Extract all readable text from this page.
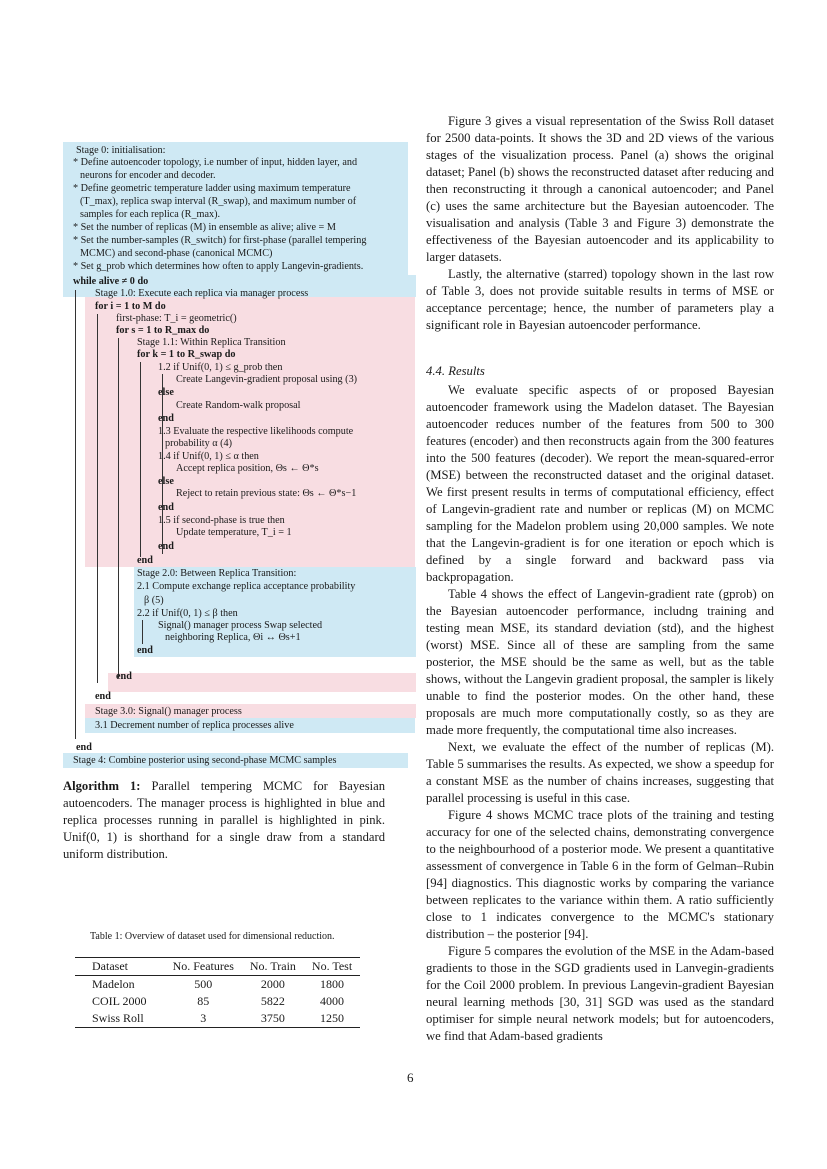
Stage 0: initialisation:
* Define autoencoder topology, i.e number of input, hidden layer, and
neurons for encoder and decoder.
* Define geometric temperature ladder using maximum temperature
(T_max), replica swap interval (R_swap), and maximum number of
samples for each replica (R_max).
* Set the number of replicas (M) in ensemble as alive; alive = M
* Set the number-samples (R_switch) for first-phase (parallel tempering
MCMC) and second-phase (canonical MCMC)
* Set g_prob which determines how often to apply Langevin-gradients.
while alive ≠ 0 do
Stage 1.0: Execute each replica via manager process
for i = 1 to M do
first-phase: T_i = geometric()
for s = 1 to R_max do
Stage 1.1: Within Replica Transition
for k = 1 to R_swap do
1.2 if Unif(0, 1) ≤ g_prob then
Create Langevin-gradient proposal using (3)
else
Create Random-walk proposal
end
1.3 Evaluate the respective likelihoods compute
probability α (4)
1.4 if Unif(0, 1) ≤ α then
Accept replica position, Θs ← Θ*s
else
Reject to retain previous state: Θs ← Θ*s−1
end
1.5 if second-phase is true then
Update temperature, T_i = 1
end
end
Stage 2.0: Between Replica Transition:
2.1 Compute exchange replica acceptance probability
β (5)
2.2 if Unif(0, 1) ≤ β then
Signal() manager process Swap selected
neighboring Replica, Θi ↔ Θs+1
end
end
end
Stage 3.0: Signal() manager process
3.1 Decrement number of replica processes alive
end
Stage 4: Combine posterior using second-phase MCMC samples
Algorithm 1: Parallel tempering MCMC for Bayesian autoencoders. The manager process is highlighted in blue and replica processes running in parallel is highlighted in pink. Unif(0, 1) is shorthand for a single draw from a standard uniform distribution.
Table 1: Overview of dataset used for dimensional reduction.
Dataset	No. Features	No. Train	No. Test
Madelon	500	2000	1800
COIL 2000	85	5822	4000
Swiss Roll	3	3750	1250

Figure 3 gives a visual representation of the Swiss Roll dataset for 2500 data-points. It shows the 3D and 2D views of the various stages of the visualization process. Panel (a) shows the original dataset; Panel (b) shows the reconstructed dataset after reducing and then reconstructing it through a canonical autoencoder; and Panel (c) uses the same architecture but the Bayesian autoencoder. The visualisation and analysis (Table 3 and Figure 3) demonstrate the effectiveness of the Bayesian autoencoder and its applicability to larger datasets.

Lastly, the alternative (starred) topology shown in the last row of Table 3, does not provide suitable results in terms of MSE or acceptance percentage; hence, the number of parameters play a significant role in Bayesian autoencoder performance.

4.4. Results

We evaluate specific aspects of or proposed Bayesian autoencoder framework using the Madelon dataset. The Bayesian autoencoder reduces number of the features from 500 to 300 features (encoder) and then reconstructs again from the 300 features into the 500 features (decoder). We report the mean-squared-error (MSE) between the reconstructed dataset and the original dataset. We first present results in terms of computational efficiency, effect of Langevin-gradient rate and number or replicas (M) on MCMC sampling for the Madelon problem using 20,000 samples. We note that the Langevin-gradient is for one iteration or epoch which is defined by a single forward and backward pass via backpropagation.

Table 4 shows the effect of Langevin-gradient rate (gprob) on the Bayesian autoencoder performance, includng training and testing mean MSE, its standard deviation (std), and the highest (worst) MSE. Since all of these are sampling from the same posterior, the MSE should be the same as well, but as the table shows, without the Langevin gradient proposal, the sampler is likely unable to find the posterior modes. On the other hand, these proposals are much more computationally costly, so as they are made more frequently, the computational time also increases.

Next, we evaluate the effect of the number of replicas (M). Table 5 summarises the results. As expected, we show a speedup for a constant MSE as the number of chains increases, suggesting that parallel processing is useful in this case.

Figure 4 shows MCMC trace plots of the training and testing accuracy for one of the selected chains, demonstrating convergence to the neighbourhood of a posterior mode. We present a quantitative assessment of convergence in Table 6 in the form of Gelman–Rubin [94] diagnostics. This diagnostic works by comparing the variance between replicates to the variance within them. A ratio sufficiently close to 1 indicates convergence to the MCMC's stationary distribution – the posterior [94].

Figure 5 compares the evolution of the MSE in the Adam-based gradients to those in the SGD gradients used in Lanvegin-gradients for the Coil 2000 problem. In previous Langevin-gradient Bayesian neural learning methods [30, 31] SGD was used as the standard optimiser for simple neural network models; but for autoencoders, we find that Adam-based gradients

6
